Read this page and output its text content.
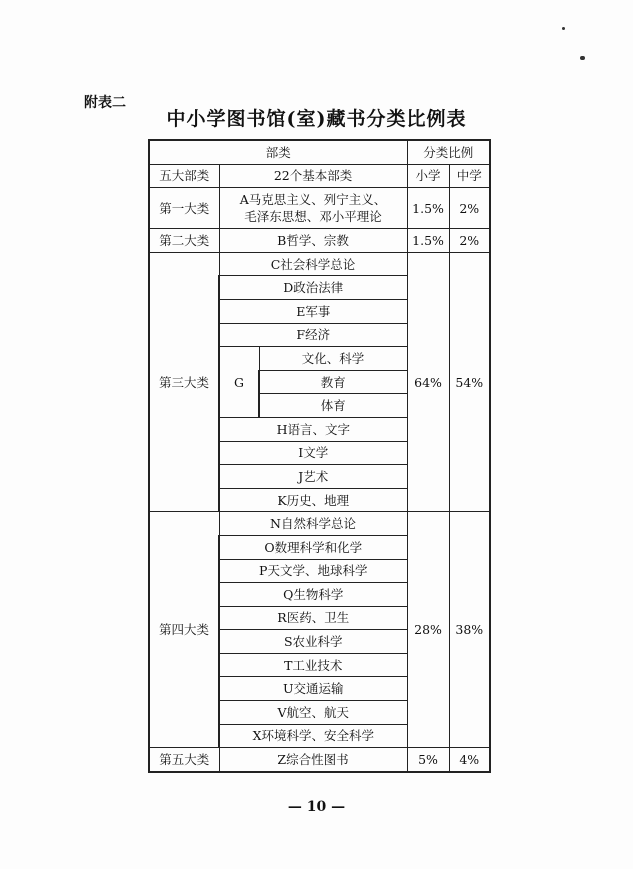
附表二
中小学图书馆(室)藏书分类比例表
部类			分类比例	
五大部类	22个基本部类		小学	中学
第一大类	A马克思主义、列宁主义、
毛泽东思想、邓小平理论		1.5%	2%
第二大类	B哲学、宗教		1.5%	2%
第三大类	C社会科学总论		64%	54%
	D政治法律			
	E军事			
	F经济			
	G	文化、科学		
		教育		
		体育		
	H语言、文字			
	I文学			
	J艺术			
	K历史、地理			
第四大类	N自然科学总论		28%	38%
	O数理科学和化学			
	P天文学、地球科学			
	Q生物科学			
	R医药、卫生			
	S农业科学			
	T工业技术			
	U交通运输			
	V航空、航天			
	X环境科学、安全科学			
第五大类	Z综合性图书		5%	4%
— 10 —
